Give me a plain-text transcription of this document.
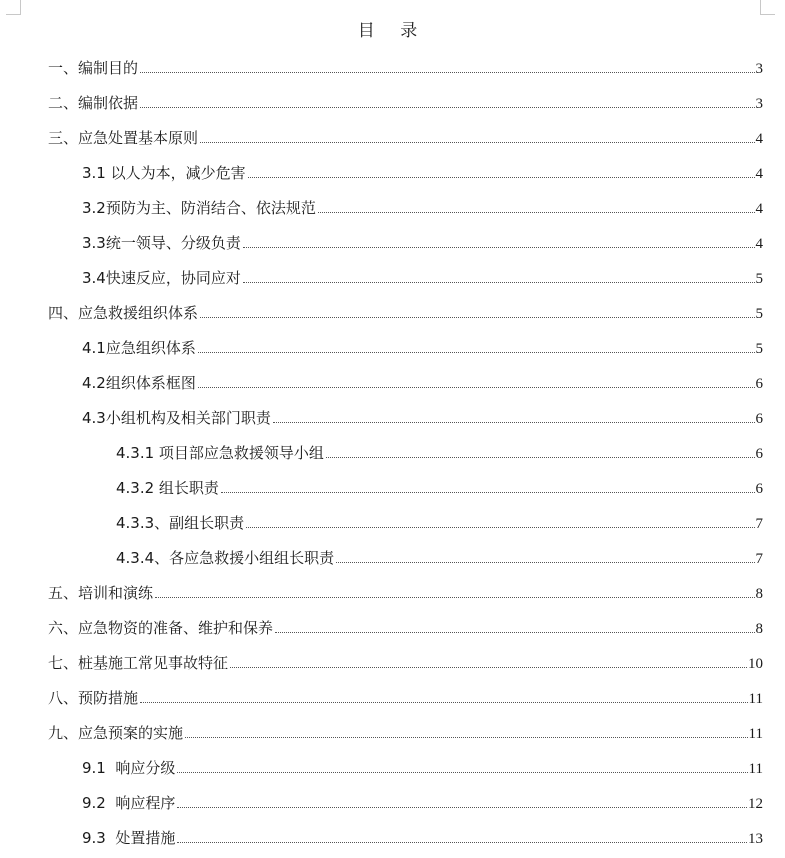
目 录
一、编制目的	3
二、编制依据	3
三、应急处置基本原则	4
3.1 以人为本，减少危害	4
3.2预防为主、防消结合、依法规范	4
3.3统一领导、分级负责	4
3.4快速反应，协同应对	5
四、应急救援组织体系	5
4.1应急组织体系	5
4.2组织体系框图	6
4.3小组机构及相关部门职责	6
4.3.1 项目部应急救援领导小组	6
4.3.2 组长职责	6
4.3.3、副组长职责	7
4.3.4、各应急救援小组组长职责	7
五、培训和演练	8
六、应急物资的准备、维护和保养	8
七、桩基施工常见事故特征	10
八、预防措施	11
九、应急预案的实施	11
9.1  响应分级	11
9.2  响应程序	12
9.3  处置措施	13
